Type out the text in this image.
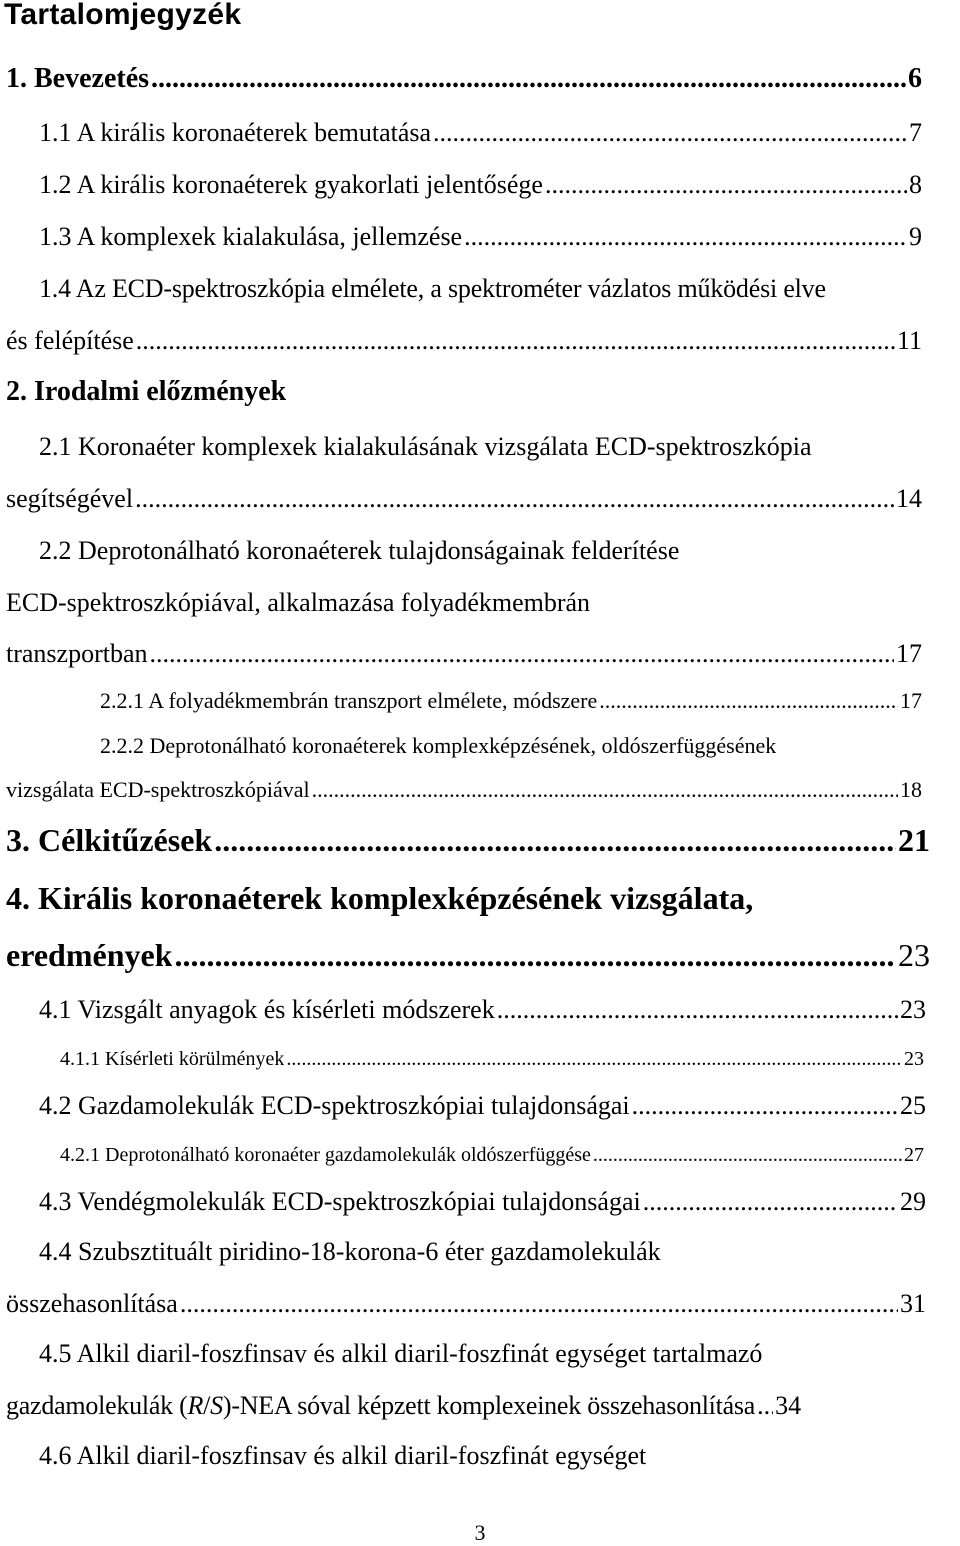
Tartalomjegyzék
1. Bevezetés .....	6
1.1 A királis koronaéterek bemutatása .....	7
1.2 A királis koronaéterek gyakorlati jelentősége .....	8
1.3 A komplexek kialakulása, jellemzése .....	9
1.4 Az ECD-spektroszkópia elmélete, a spektrométer vázlatos működési elve
és felépítése .....	11
2. Irodalmi előzmények
2.1 Koronaéter komplexek kialakulásának vizsgálata ECD-spektroszkópia
segítségével .....	14
2.2 Deprotonálható koronaéterek tulajdonságainak felderítése
ECD-spektroszkópiával, alkalmazása folyadékmembrán
transzportban .....	17
2.2.1 A folyadékmembrán transzport elmélete, módszere .....	17
2.2.2 Deprotonálható koronaéterek komplexképzésének, oldószerfüggésének
vizsgálata ECD-spektroszkópiával .....	18
3. Célkitűzések .....	21
4. Királis koronaéterek komplexképzésének vizsgálata,
eredmények .....	23
4.1 Vizsgált anyagok és kísérleti módszerek .....	23
4.1.1 Kísérleti körülmények .....	23
4.2 Gazdamolekulák ECD-spektroszkópiai tulajdonságai .....	25
4.2.1 Deprotonálható koronaéter gazdamolekulák oldószerfüggése .....	27
4.3 Vendégmolekulák ECD-spektroszkópiai tulajdonságai .....	29
4.4 Szubsztituált piridino-18-korona-6 éter gazdamolekulák
összehasonlítása .....	31
4.5 Alkil diaril-foszfinsav és alkil diaril-foszfinát egységet tartalmazó
gazdamolekulák (R/S)-NEA sóval képzett komplexeinek összehasonlítása ..... 34
4.6 Alkil diaril-foszfinsav és alkil diaril-foszfinát egységet
3
